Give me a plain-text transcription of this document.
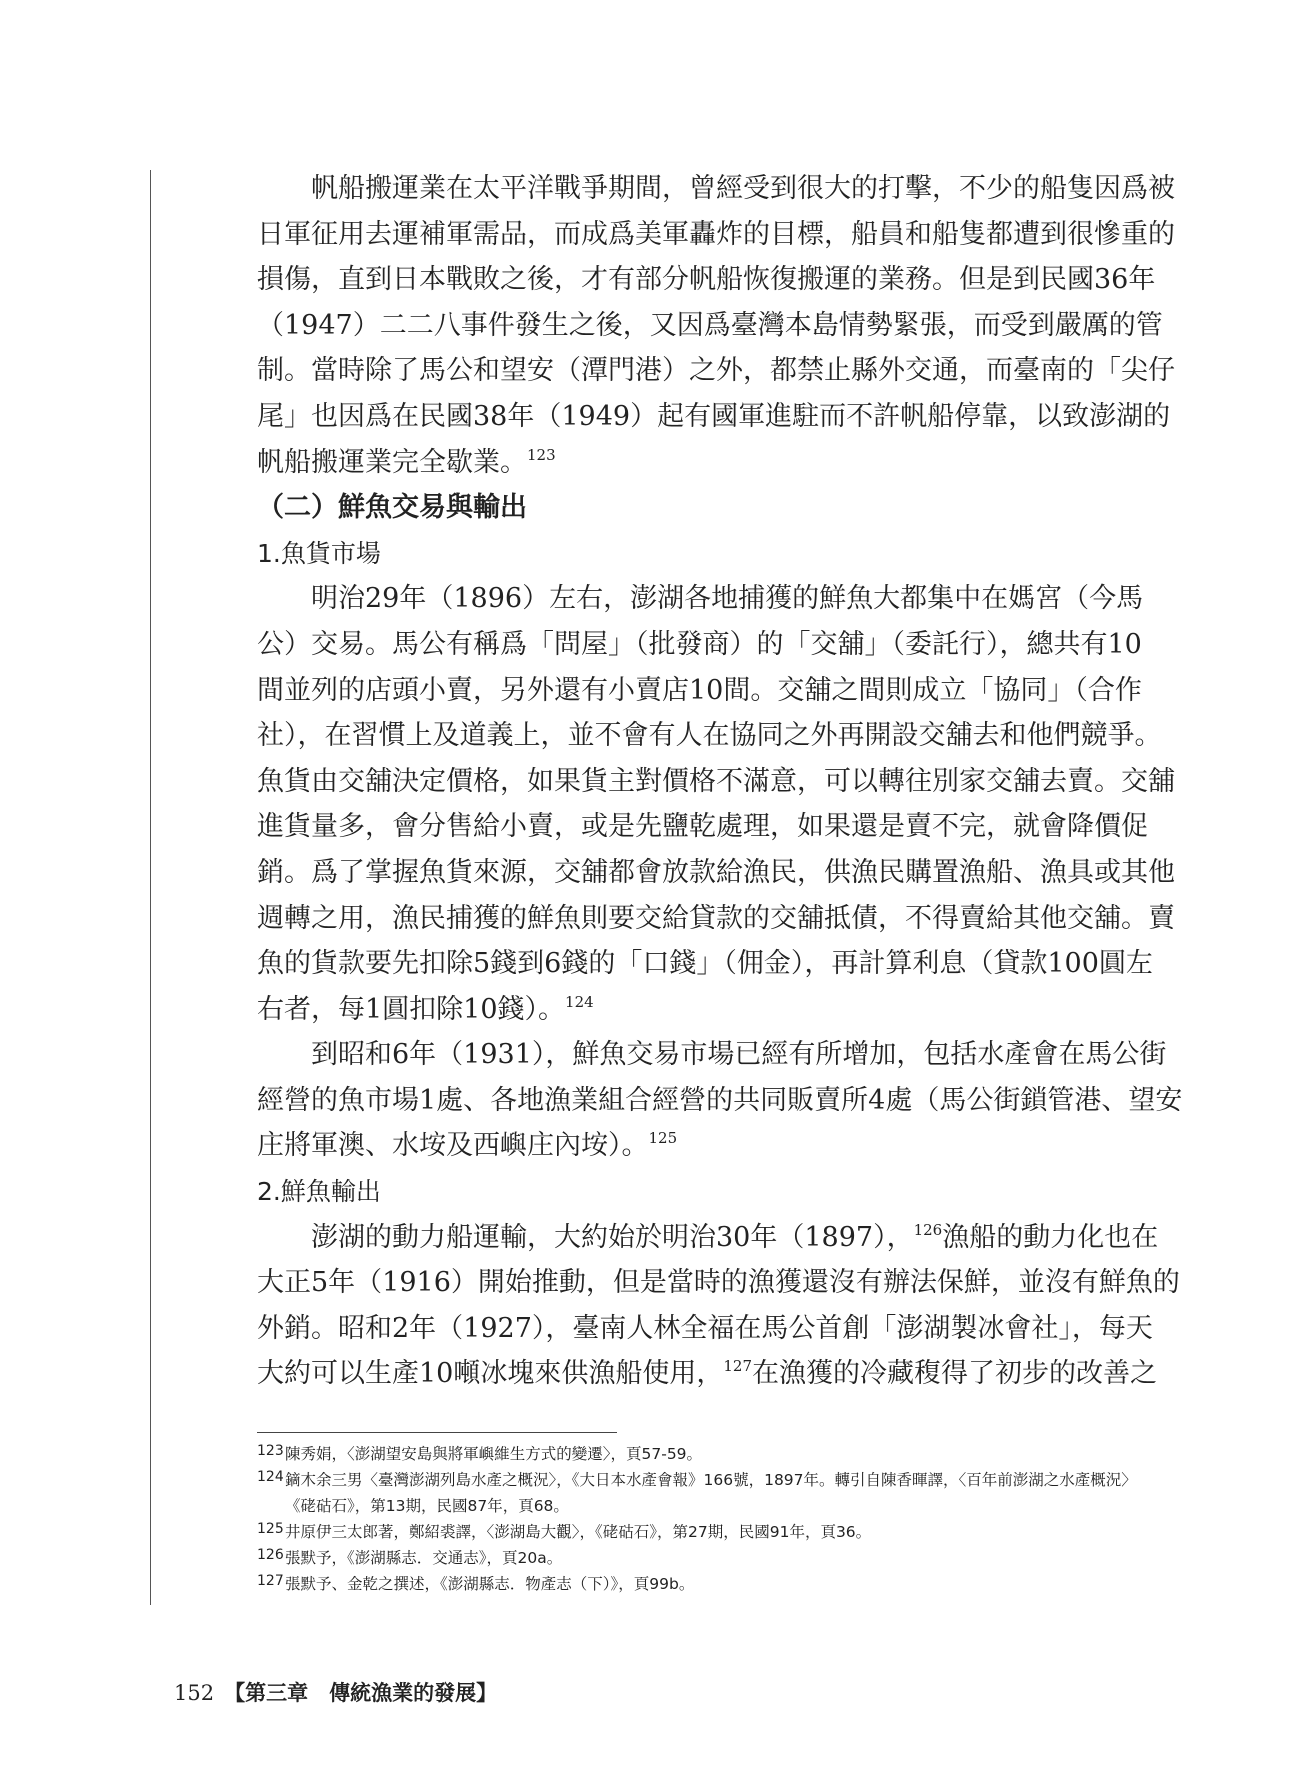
帆船搬運業在太平洋戰爭期間，曾經受到很大的打擊，不少的船隻因爲被
日軍征用去運補軍需品，而成爲美軍轟炸的目標，船員和船隻都遭到很慘重的
損傷，直到日本戰敗之後，才有部分帆船恢復搬運的業務。但是到民國36年
（1947）二二八事件發生之後，又因爲臺灣本島情勢緊張，而受到嚴厲的管
制。當時除了馬公和望安（潭門港）之外，都禁止縣外交通，而臺南的「尖仔
尾」也因爲在民國38年（1949）起有國軍進駐而不許帆船停靠，以致澎湖的
帆船搬運業完全歇業。$^{123}$

（二）鮮魚交易與輸出
1.魚貨市場

明治29年（1896）左右，澎湖各地捕獲的鮮魚大都集中在媽宮（今馬
公）交易。馬公有稱爲「問屋」（批發商）的「交舖」（委託行），總共有10
間並列的店頭小賣，另外還有小賣店10間。交舖之間則成立「協同」（合作
社），在習慣上及道義上，並不會有人在協同之外再開設交舖去和他們競爭。
魚貨由交舖決定價格，如果貨主對價格不滿意，可以轉往別家交舖去賣。交舖
進貨量多，會分售給小賣，或是先鹽乾處理，如果還是賣不完，就會降價促
銷。爲了掌握魚貨來源，交舖都會放款給漁民，供漁民購置漁船、漁具或其他
週轉之用，漁民捕獲的鮮魚則要交給貸款的交舖抵債，不得賣給其他交舖。賣
魚的貨款要先扣除5錢到6錢的「口錢」（佣金），再計算利息（貸款100圓左
右者，每1圓扣除10錢）。$^{124}$

到昭和6年（1931），鮮魚交易市場已經有所增加，包括水產會在馬公街
經營的魚市場1處、各地漁業組合經營的共同販賣所4處（馬公街鎖管港、望安
庄將軍澳、水垵及西嶼庄內垵）。$^{125}$

2.鮮魚輸出

澎湖的動力船運輸，大約始於明治30年（1897），$^{126}$漁船的動力化也在
大正5年（1916）開始推動，但是當時的漁獲還沒有辦法保鮮，並沒有鮮魚的
外銷。昭和2年（1927），臺南人林全福在馬公首創「澎湖製冰會社」，每天
大約可以生產10噸冰塊來供漁船使用，$^{127}$在漁獲的冷藏稪得了初步的改善之

123 陳秀娟，〈澎湖望安島與將軍嶼維生方式的變遷〉，頁57-59。
124 鏑木余三男〈臺灣澎湖列島水產之概況〉，《大日本水產會報》166號，1897年。轉引自陳香暉譯，〈百年前澎湖之水產概況〉《硓𥑮石》，第13期，民國87年，頁68。
125 井原伊三太郎著，鄭紹裘譯，〈澎湖島大觀〉，《硓𥑮石》，第27期，民國91年，頁36。
126 張默予，《澎湖縣志．交通志》，頁20a。
127 張默予、金乾之撰述，《澎湖縣志．物產志（下）》，頁99b。
152 【第三章　傳統漁業的發展】
